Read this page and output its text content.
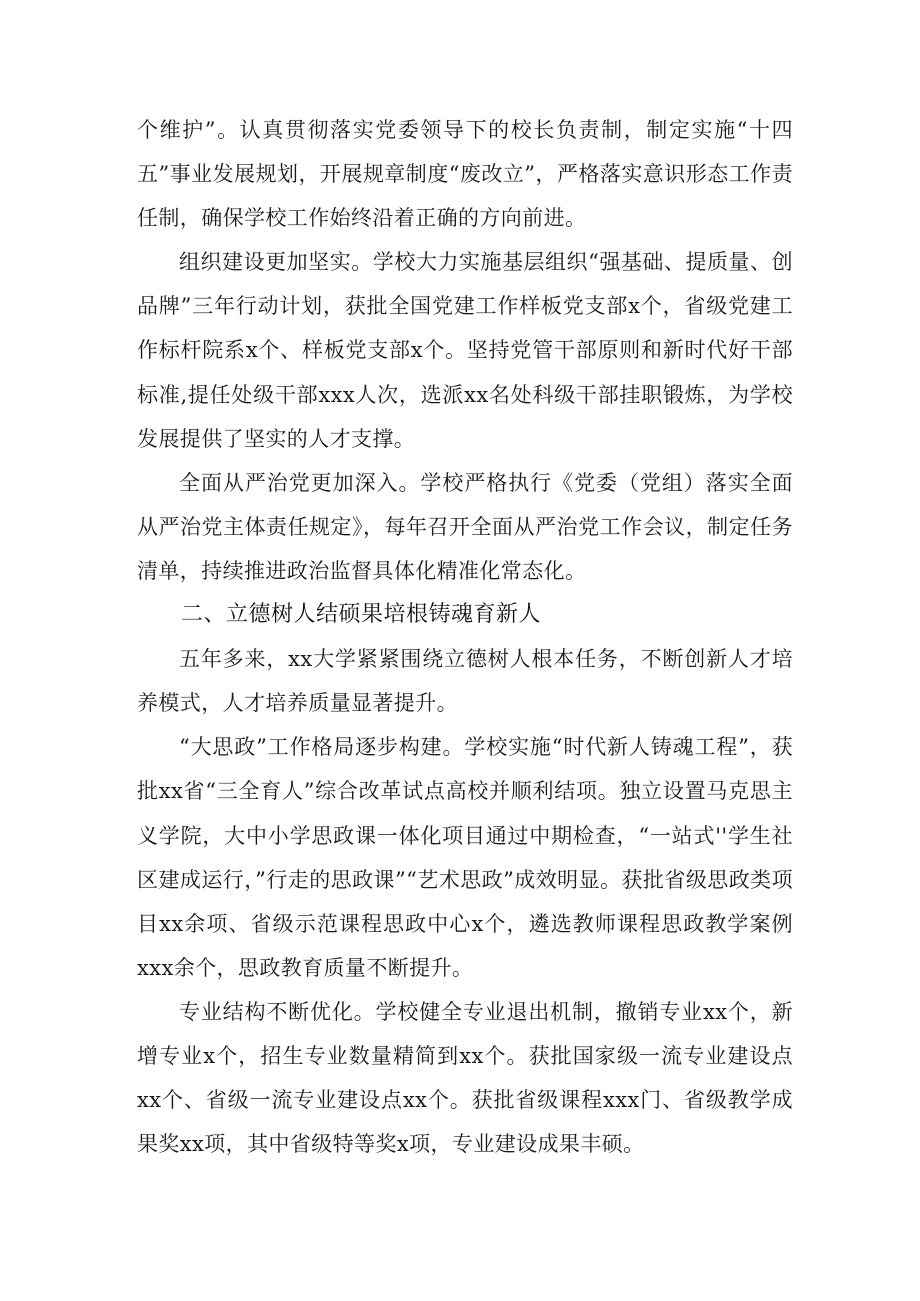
个维护”。认真贯彻落实党委领导下的校长负责制，制定实施“十四五”事业发展规划，开展规章制度“废改立”，严格落实意识形态工作责任制，确保学校工作始终沿着正确的方向前进。

组织建设更加坚实。学校大力实施基层组织“强基础、提质量、创品牌”三年行动计划，获批全国党建工作样板党支部x个，省级党建工作标杆院系x个、样板党支部x个。坚持党管干部原则和新时代好干部标准,提任处级干部xxx人次，选派xx名处科级干部挂职锻炼，为学校发展提供了坚实的人才支撑。

全面从严治党更加深入。学校严格执行《党委（党组）落实全面从严治党主体责任规定》，每年召开全面从严治党工作会议，制定任务清单，持续推进政治监督具体化精准化常态化。

二、立德树人结硕果培根铸魂育新人

五年多来，xx大学紧紧围绕立德树人根本任务，不断创新人才培养模式，人才培养质量显著提升。

“大思政”工作格局逐步构建。学校实施“时代新人铸魂工程”，获批xx省“三全育人”综合改革试点高校并顺利结项。独立设置马克思主义学院，大中小学思政课一体化项目通过中期检查，“一站式''学生社区建成运行，”行走的思政课”“艺术思政”成效明显。获批省级思政类项目xx余项、省级示范课程思政中心x个，遴选教师课程思政教学案例xxx余个，思政教育质量不断提升。

专业结构不断优化。学校健全专业退出机制，撤销专业xx个，新增专业x个，招生专业数量精简到xx个。获批国家级一流专业建设点xx个、省级一流专业建设点xx个。获批省级课程xxx门、省级教学成果奖xx项，其中省级特等奖x项，专业建设成果丰硕。
